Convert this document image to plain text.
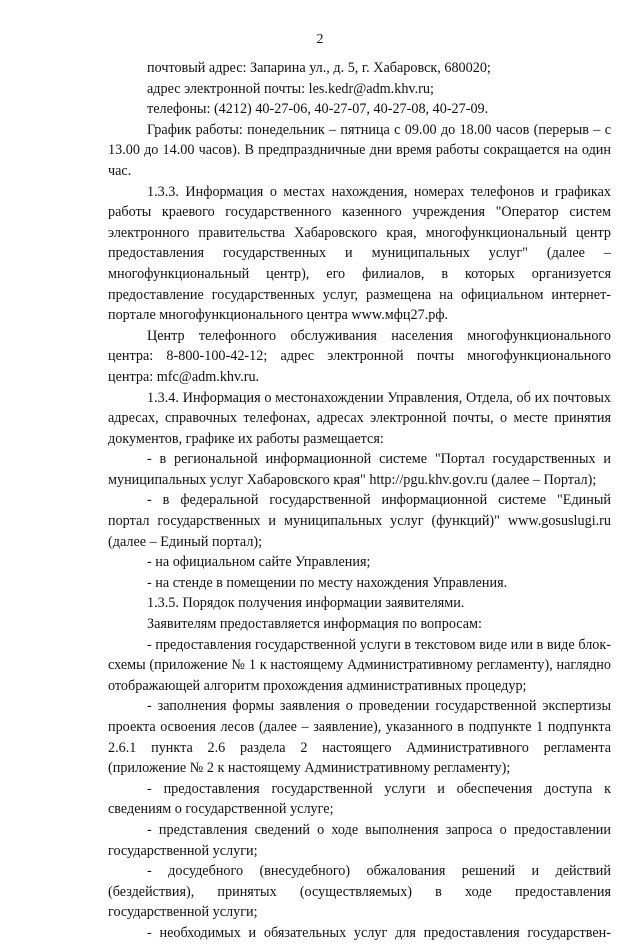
2

почтовый адрес: Запарина ул., д. 5, г. Хабаровск, 680020;

адрес электронной почты: les.kedr@adm.khv.ru;

телефоны: (4212) 40-27-06, 40-27-07, 40-27-08, 40-27-09.

График работы: понедельник – пятница с 09.00 до 18.00 часов (перерыв – с 13.00 до 14.00 часов). В предпраздничные дни время работы сокращается на один час.

1.3.3. Информация о местах нахождения, номерах телефонов и графиках работы краевого государственного казенного учреждения "Оператор систем электронного правительства Хабаровского края, многофункциональный центр предоставления государственных и муниципальных услуг" (далее – многофункциональный центр), его филиалов, в которых организуется предоставление государственных услуг, размещена на официальном интернет-портале многофункционального центра www.мфц27.рф.

Центр телефонного обслуживания населения многофункционального центра: 8-800-100-42-12; адрес электронной почты многофункционального центра: mfc@adm.khv.ru.

1.3.4. Информация о местонахождении Управления, Отдела, об их почтовых адресах, справочных телефонах, адресах электронной почты, о месте принятия документов, графике их работы размещается:

- в региональной информационной системе "Портал государственных и муниципальных услуг Хабаровского края" http://pgu.khv.gov.ru (далее – Портал);

- в федеральной государственной информационной системе "Единый портал государственных и муниципальных услуг (функций)" www.gosuslugi.ru (далее – Единый портал);

- на официальном сайте Управления;

- на стенде в помещении по месту нахождения Управления.

1.3.5. Порядок получения информации заявителями.

Заявителям предоставляется информация по вопросам:

- предоставления государственной услуги в текстовом виде или в виде блок-схемы (приложение № 1 к настоящему Административному регламенту), наглядно отображающей алгоритм прохождения административных процедур;

- заполнения формы заявления о проведении государственной экспертизы проекта освоения лесов (далее – заявление), указанного в подпункте 1 подпункта 2.6.1 пункта 2.6 раздела 2 настоящего Административного регламента (приложение № 2 к настоящему Административному регламенту);

- предоставления государственной услуги и обеспечения доступа к сведениям о государственной услуге;

- представления сведений о ходе выполнения запроса о предоставлении государственной услуги;

- досудебного (внесудебного) обжалования решений и действий (бездействия), принятых (осуществляемых) в ходе предоставления государственной услуги;

- необходимых и обязательных услуг для предоставления государствен-
